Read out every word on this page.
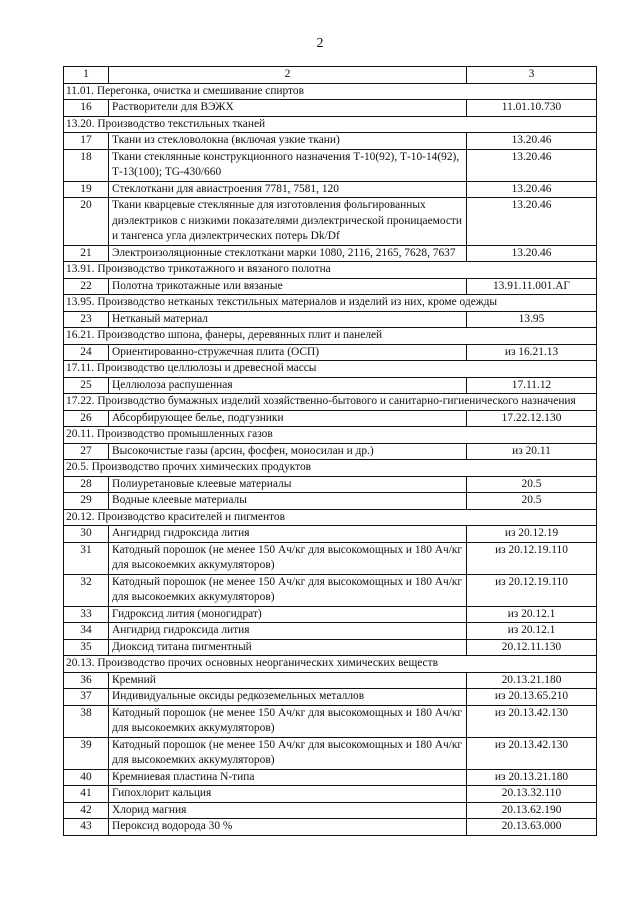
2
1	2	3
11.01. Перегонка, очистка и смешивание спиртов		
16	Растворители для ВЭЖХ	11.01.10.730
13.20. Производство текстильных тканей		
17	Ткани из стекловолокна (включая узкие ткани)	13.20.46
18	Ткани стеклянные конструкционного назначения Т-10(92), Т-10-14(92), Т-13(100); TG-430/660	13.20.46
19	Стеклоткани для авиастроения 7781, 7581, 120	13.20.46
20	Ткани кварцевые стеклянные для изготовления фольгированных диэлектриков с низкими показателями диэлектрической проницаемости и тангенса угла диэлектрических потерь Dk/Df	13.20.46
21	Электроизоляционные стеклоткани марки 1080, 2116, 2165, 7628, 7637	13.20.46
13.91. Производство трикотажного и вязаного полотна		
22	Полотна трикотажные или вязаные	13.91.11.001.АГ
13.95. Производство нетканых текстильных материалов и изделий из них, кроме одежды		
23	Нетканый материал	13.95
16.21. Производство шпона, фанеры, деревянных плит и панелей		
24	Ориентированно-стружечная плита (ОСП)	из 16.21.13
17.11. Производство целлюлозы и древесной массы		
25	Целлюлоза распушенная	17.11.12
17.22. Производство бумажных изделий хозяйственно-бытового и санитарно-гигиенического назначения		
26	Абсорбирующее белье, подгузники	17.22.12.130
20.11. Производство промышленных газов		
27	Высокочистые газы (арсин, фосфен, моносилан и др.)	из 20.11
20.5. Производство прочих химических продуктов		
28	Полиуретановые клеевые материалы	20.5
29	Водные клеевые материалы	20.5
20.12. Производство красителей и пигментов		
30	Ангидрид гидроксида лития	из 20.12.19
31	Катодный порошок (не менее 150 Ач/кг для высокомощных и 180 Ач/кг для высокоемких аккумуляторов)	из 20.12.19.110
32	Катодный порошок (не менее 150 Ач/кг для высокомощных и 180 Ач/кг для высокоемких аккумуляторов)	из 20.12.19.110
33	Гидроксид лития (моногидрат)	из 20.12.1
34	Ангидрид гидроксида лития	из 20.12.1
35	Диоксид титана пигментный	20.12.11.130
20.13. Производство прочих основных неорганических химических веществ		
36	Кремний	20.13.21.180
37	Индивидуальные оксиды редкоземельных металлов	из 20.13.65.210
38	Катодный порошок (не менее 150 Ач/кг для высокомощных и 180 Ач/кг для высокоемких аккумуляторов)	из 20.13.42.130
39	Катодный порошок (не менее 150 Ач/кг для высокомощных и 180 Ач/кг для высокоемких аккумуляторов)	из 20.13.42.130
40	Кремниевая пластина N-типа	из 20.13.21.180
41	Гипохлорит кальция	20.13.32.110
42	Хлорид магния	20.13.62.190
43	Пероксид водорода 30 %	20.13.63.000
